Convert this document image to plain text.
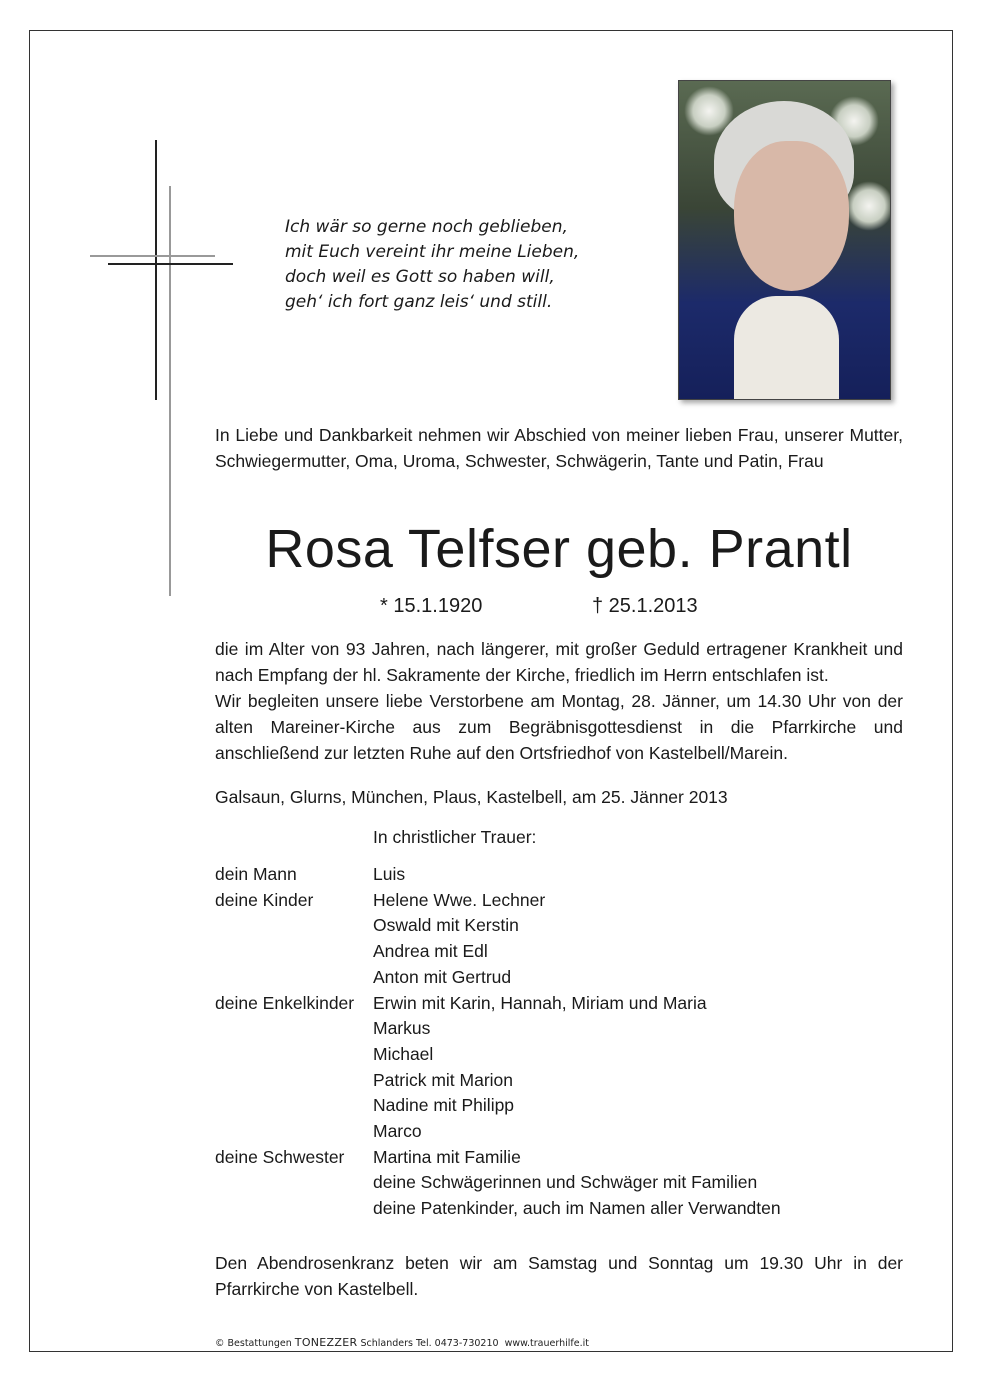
Ich wär so gerne noch geblieben,
mit Euch vereint ihr meine Lieben,
doch weil es Gott so haben will,
geh‘ ich fort ganz leis‘ und still.
In Liebe und Dankbarkeit nehmen wir Abschied von meiner lieben Frau, unserer Mutter, Schwiegermutter, Oma, Uroma, Schwester, Schwägerin, Tante und Patin, Frau
Rosa Telfser geb. Prantl
* 15.1.1920	† 25.1.2013
die im Alter von 93 Jahren, nach längerer, mit großer Geduld ertragener Krankheit und nach Empfang der hl. Sakramente der Kirche, friedlich im Herrn entschlafen ist.
Wir begleiten unsere liebe Verstorbene am Montag, 28. Jänner, um 14.30 Uhr von der alten Mareiner-Kirche aus zum Begräbnisgottesdienst in die Pfarrkirche und anschließend zur letzten Ruhe auf den Ortsfriedhof von Kastelbell/Marein.
Galsaun, Glurns, München, Plaus, Kastelbell, am 25. Jänner 2013
In christlicher Trauer:
dein Mann	Luis
deine Kinder	Helene Wwe. Lechner
Oswald mit Kerstin
Andrea mit Edl
Anton mit Gertrud
deine Enkelkinder	Erwin mit Karin, Hannah, Miriam und Maria
Markus
Michael
Patrick mit Marion
Nadine mit Philipp
Marco
deine Schwester	Martina mit Familie
deine Schwägerinnen und Schwäger mit Familien
deine Patenkinder, auch im Namen aller Verwandten
Den Abendrosenkranz beten wir am Samstag und Sonntag um 19.30 Uhr in der Pfarrkirche von Kastelbell.
© Bestattungen TONEZZER Schlanders Tel. 0473-730210 www.trauerhilfe.it
